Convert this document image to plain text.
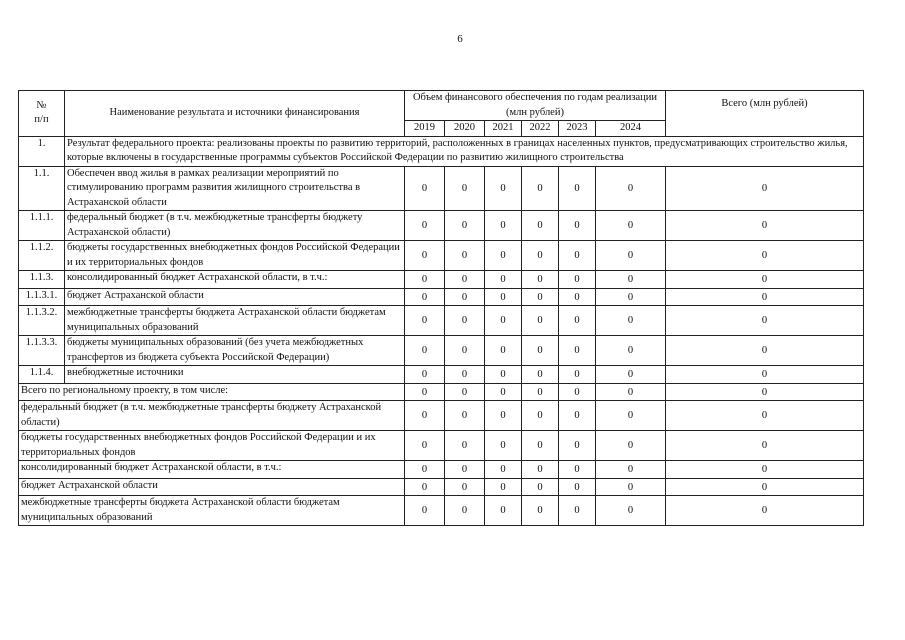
6
№
п/п	Наименование результата и источники финансирования	Объем финансового обеспечения по годам реализации (млн рублей)						Всего (млн рублей)
		2019	2020	2021	2022	2023	2024	
1.	Результат федерального проекта: реализованы проекты по развитию территорий, расположенных в границах населенных пунктов, предусматривающих строительство жилья, которые включены в государственные программы субъектов Российской Федерации по развитию жилищного строительства							
1.1.	Обеспечен ввод жилья в рамках реализации мероприятий по стимулированию программ развития жилищного строительства в Астраханской области	0	0	0	0	0	0	0
1.1.1.	федеральный бюджет (в т.ч. межбюджетные трансферты бюджету Астраханской области)	0	0	0	0	0	0	0
1.1.2.	бюджеты государственных внебюджетных фондов Российской Федерации и их территориальных фондов	0	0	0	0	0	0	0
1.1.3.	консолидированный бюджет Астраханской области, в т.ч.:	0	0	0	0	0	0	0
1.1.3.1.	бюджет Астраханской области	0	0	0	0	0	0	0
1.1.3.2.	межбюджетные трансферты бюджета Астраханской области бюджетам муниципальных образований	0	0	0	0	0	0	0
1.1.3.3.	бюджеты муниципальных образований (без учета межбюджетных трансфертов из бюджета субъекта Российской Федерации)	0	0	0	0	0	0	0
1.1.4.	внебюджетные источники	0	0	0	0	0	0	0
Всего по региональному проекту, в том числе:		0	0	0	0	0	0	0
федеральный бюджет (в т.ч. межбюджетные трансферты бюджету Астраханской области)		0	0	0	0	0	0	0
бюджеты государственных внебюджетных фондов Российской Федерации и их территориальных фондов		0	0	0	0	0	0	0
консолидированный бюджет Астраханской области, в т.ч.:		0	0	0	0	0	0	0
бюджет Астраханской области		0	0	0	0	0	0	0
межбюджетные трансферты бюджета Астраханской области бюджетам муниципальных образований		0	0	0	0	0	0	0
